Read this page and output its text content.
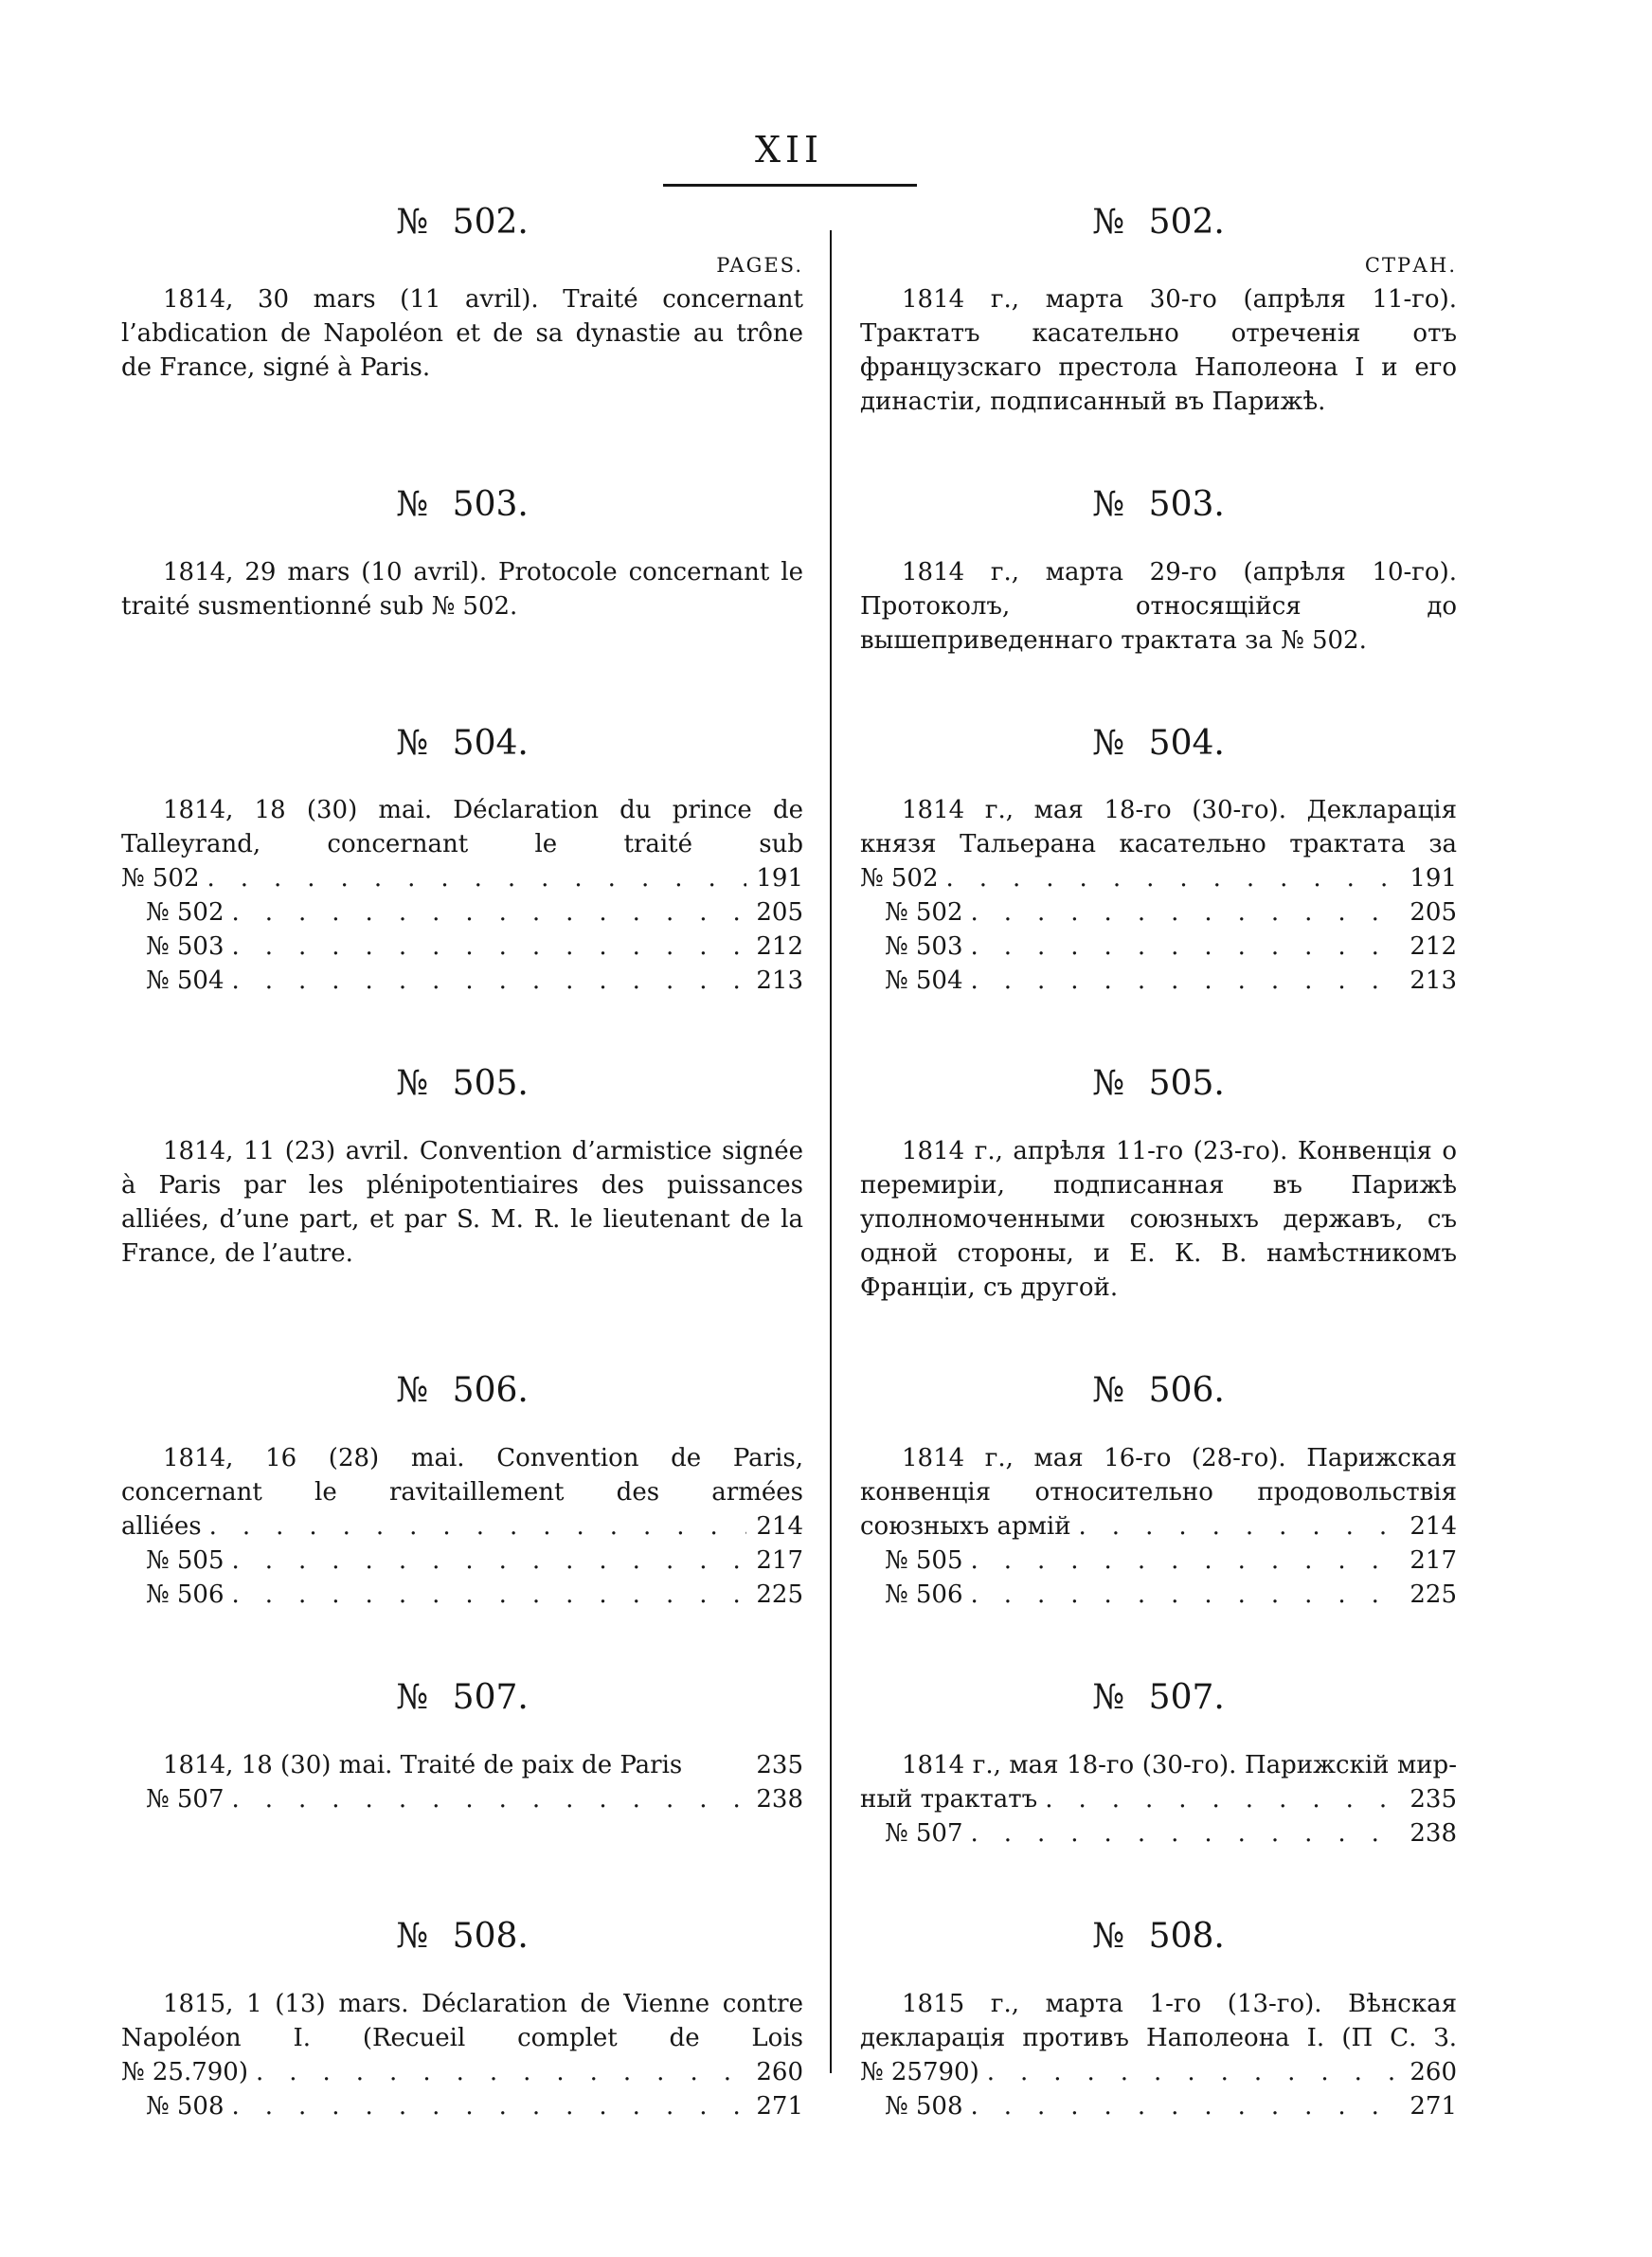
XII
№ 502.
PAGES.

1814, 30 mars (11 avril). Traité concernant l’abdication de Napoléon et de sa dynastie au trône de France, signé à Paris.

№ 502.
СТРАН.

1814 г., марта 30-го (апрѣля 11-го). Трактатъ касательно отреченія отъ французскаго престола Наполеона I и его династіи, подписанный въ Парижѣ.

№ 503.

1814, 29 mars (10 avril). Protocole concernant le traité susmentionné sub № 502.

№ 503.

1814 г., марта 29-го (апрѣля 10-го). Протоколъ, относящійся до вышеприведеннаго трактата за № 502.

№ 504.

1814, 18 (30) mai. Déclaration du prince de Talleyrand, concernant le traité sub

№ 502 .....	191
№ 502 .....	205
№ 503 .....	212
№ 504 .....	213
№ 504.

1814 г., мая 18-го (30-го). Декларація князя Тальерана касательно трактата за

№ 502 .....	191
№ 502 .....	205
№ 503 .....	212
№ 504 .....	213
№ 505.

1814, 11 (23) avril. Convention d’armistice signée à Paris par les plénipotentiaires des puissances alliées, d’une part, et par S. M. R. le lieutenant de la France, de l’autre.

№ 505.

1814 г., апрѣля 11-го (23-го). Конвенція о перемиріи, подписанная въ Парижѣ уполномоченными союзныхъ державъ, съ одной стороны, и Е. К. В. намѣстникомъ Франціи, съ другой.

№ 506.

1814, 16 (28) mai. Convention de Paris, concernant le ravitaillement des armées

alliées .....	214
№ 505 .....	217
№ 506 .....	225
№ 506.

1814 г., мая 16-го (28-го). Парижская конвенція относительно продовольствія

союзныхъ армій .....	214
№ 505 .....	217
№ 506 .....	225
№ 507.
1814, 18 (30) mai. Traité de paix de Paris	235
№ 507 .....	238
№ 507.

1814 г., мая 18-го (30-го). Парижскій мир-

ный трактатъ .....	235
№ 507 .....	238
№ 508.

1815, 1 (13) mars. Déclaration de Vienne contre Napoléon I. (Recueil complet de Lois

№ 25.790) .....	260
№ 508 .....	271
№ 508.

1815 г., марта 1-го (13-го). Вѣнская декларація противъ Наполеона I. (П С. З.

№ 25790) .....	260
№ 508 .....	271
